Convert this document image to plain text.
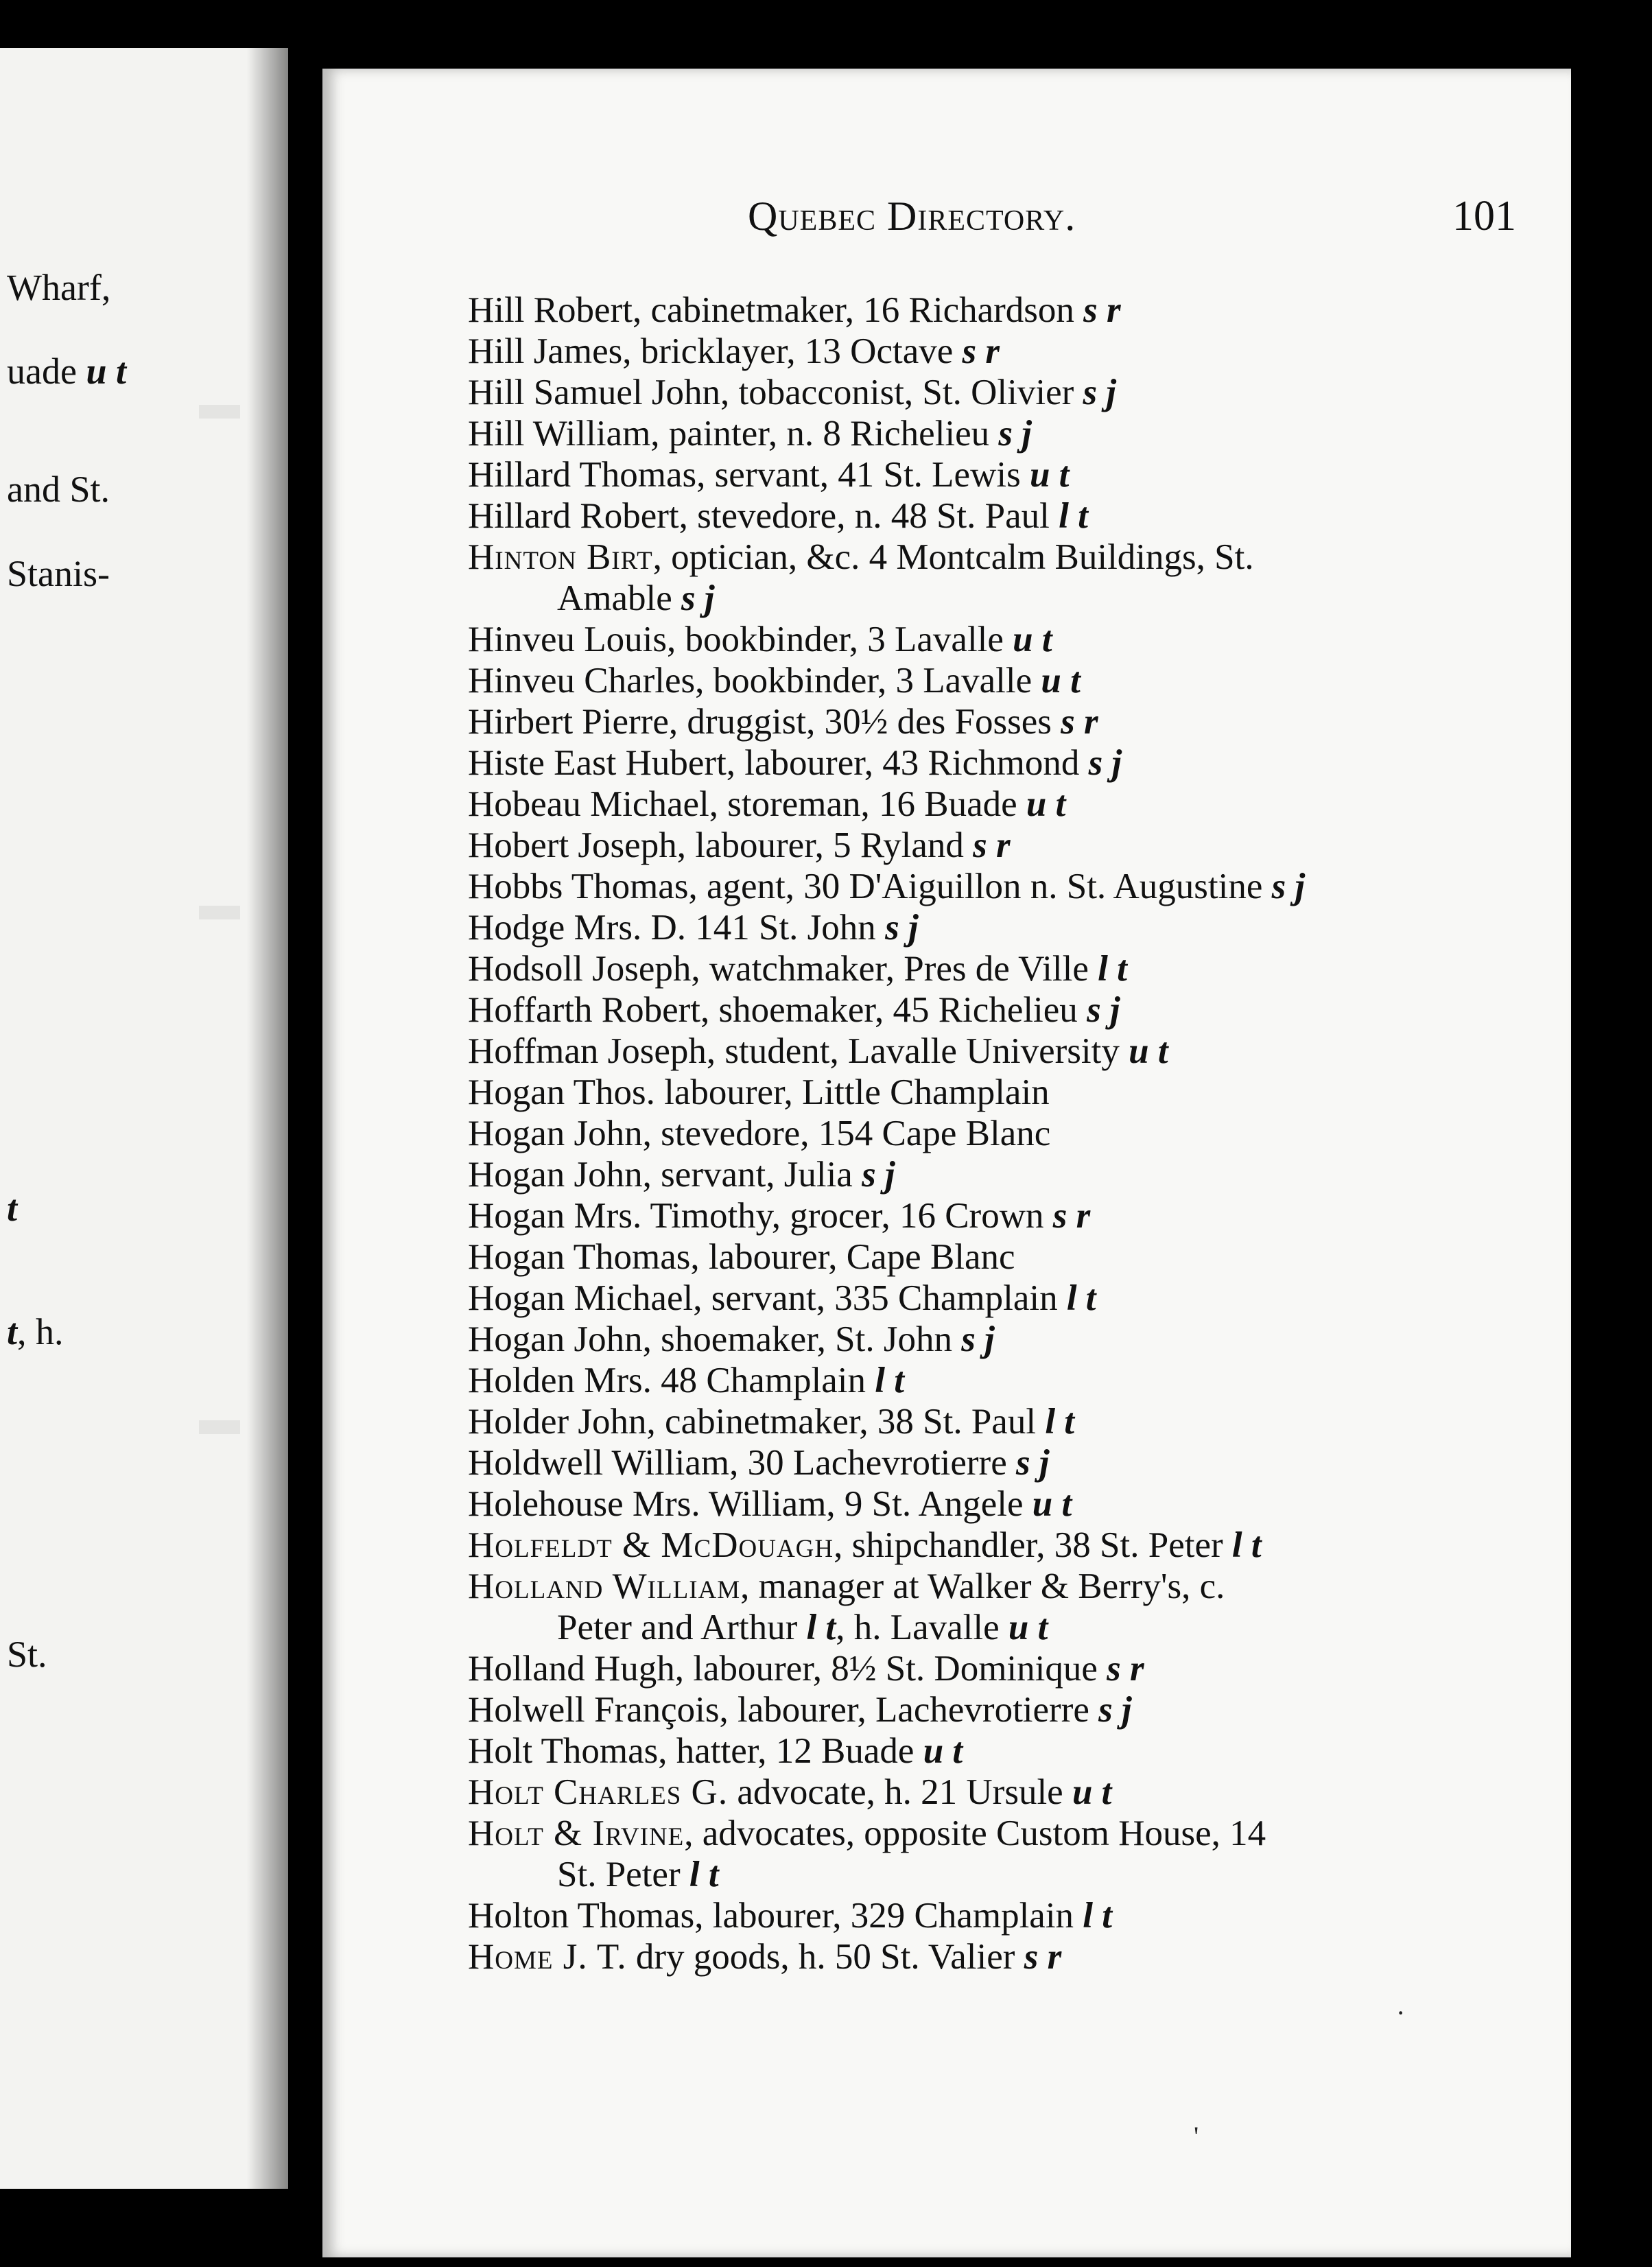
Wharf,
uade u t
and St.
Stanis-
t
t, h.
St.
Quebec Directory.	101
·
'
Hill Robert, cabinetmaker, 16 Richardson s r
Hill James, bricklayer, 13 Octave s r
Hill Samuel John, tobacconist, St. Olivier s j
Hill William, painter, n. 8 Richelieu s j
Hillard Thomas, servant, 41 St. Lewis u t
Hillard Robert, stevedore, n. 48 St. Paul l t
Hinton Birt, optician, &c. 4 Montcalm Buildings, St.
Amable s j
Hinveu Louis, bookbinder, 3 Lavalle u t
Hinveu Charles, bookbinder, 3 Lavalle u t
Hirbert Pierre, druggist, 30½ des Fosses s r
Histe East Hubert, labourer, 43 Richmond s j
Hobeau Michael, storeman, 16 Buade u t
Hobert Joseph, labourer, 5 Ryland s r
Hobbs Thomas, agent, 30 D'Aiguillon n. St. Augustine s j
Hodge Mrs. D. 141 St. John s j
Hodsoll Joseph, watchmaker, Pres de Ville l t
Hoffarth Robert, shoemaker, 45 Richelieu s j
Hoffman Joseph, student, Lavalle University u t
Hogan Thos. labourer, Little Champlain
Hogan John, stevedore, 154 Cape Blanc
Hogan John, servant, Julia s j
Hogan Mrs. Timothy, grocer, 16 Crown s r
Hogan Thomas, labourer, Cape Blanc
Hogan Michael, servant, 335 Champlain l t
Hogan John, shoemaker, St. John s j
Holden Mrs. 48 Champlain l t
Holder John, cabinetmaker, 38 St. Paul l t
Holdwell William, 30 Lachevrotierre s j
Holehouse Mrs. William, 9 St. Angele u t
Holfeldt & McDouagh, shipchandler, 38 St. Peter l t
Holland William, manager at Walker & Berry's, c.
Peter and Arthur l t, h. Lavalle u t
Holland Hugh, labourer, 8½ St. Dominique s r
Holwell François, labourer, Lachevrotierre s j
Holt Thomas, hatter, 12 Buade u t
Holt Charles G. advocate, h. 21 Ursule u t
Holt & Irvine, advocates, opposite Custom House, 14
St. Peter l t
Holton Thomas, labourer, 329 Champlain l t
Home J. T. dry goods, h. 50 St. Valier s r
